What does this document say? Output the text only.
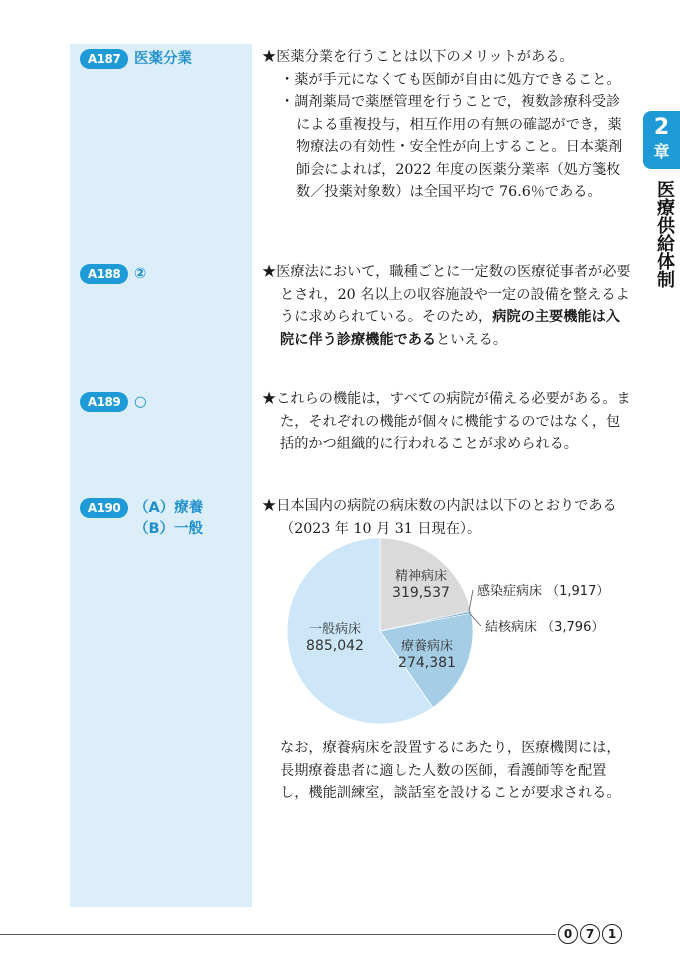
A187 医薬分業
A188 ②
A189 ○
A190 （A）療養
（B）一般
★医薬分業を行うことは以下のメリットがある。
・薬が手元になくても医師が自由に処方できること。
・調剤薬局で薬歴管理を行うことで，複数診療科受診による重複投与，相互作用の有無の確認ができ，薬物療法の有効性・安全性が向上すること。日本薬剤師会によれば，2022 年度の医薬分業率（処方箋枚数／投薬対象数）は全国平均で 76.6％である。
★医療法において，職種ごとに一定数の医療従事者が必要とされ，20 名以上の収容施設や一定の設備を整えるように求められている。そのため，病院の主要機能は入院に伴う診療機能であるといえる。
★これらの機能は，すべての病院が備える必要がある。また，それぞれの機能が個々に機能するのではなく，包括的かつ組織的に行われることが求められる。
★日本国内の病院の病床数の内訳は以下のとおりである（2023 年 10 月 31 日現在）。
精神病床
319,537 感染症病床 （1,917）
結核病床 （3,796）
療養病床
274,381
一般病床
885,042
なお，療養病床を設置するにあたり，医療機関には，長期療養患者に適した人数の医師，看護師等を配置し，機能訓練室，談話室を設けることが要求される。
2
章
医療供給体制
0	7	1
